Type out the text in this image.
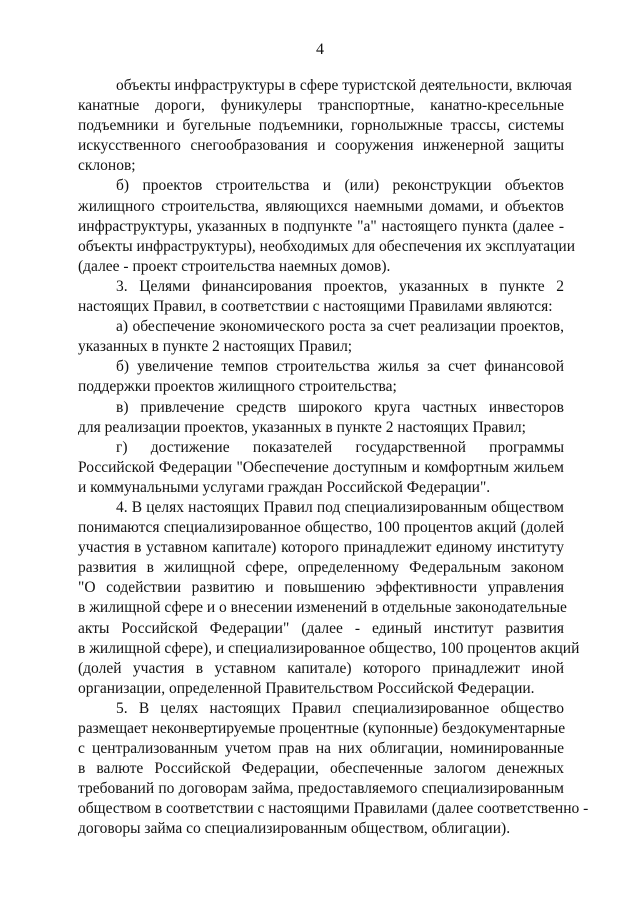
4
объекты инфраструктуры в сфере туристской деятельности, включая
канатные дороги, фуникулеры транспортные, канатно-кресельные
подъемники и бугельные подъемники, горнолыжные трассы, системы
искусственного снегообразования и сооружения инженерной защиты
склонов;
б) проектов строительства и (или) реконструкции объектов
жилищного строительства, являющихся наемными домами, и объектов
инфраструктуры, указанных в подпункте "а" настоящего пункта (далее -
объекты инфраструктуры), необходимых для обеспечения их эксплуатации
(далее - проект строительства наемных домов).
3. Целями финансирования проектов, указанных в пункте 2
настоящих Правил, в соответствии с настоящими Правилами являются:
а) обеспечение экономического роста за счет реализации проектов,
указанных в пункте 2 настоящих Правил;
б) увеличение темпов строительства жилья за счет финансовой
поддержки проектов жилищного строительства;
в) привлечение средств широкого круга частных инвесторов
для реализации проектов, указанных в пункте 2 настоящих Правил;
г) достижение показателей государственной программы
Российской Федерации "Обеспечение доступным и комфортным жильем
и коммунальными услугами граждан Российской Федерации".
4. В целях настоящих Правил под специализированным обществом
понимаются специализированное общество, 100 процентов акций (долей
участия в уставном капитале) которого принадлежит единому институту
развития в жилищной сфере, определенному Федеральным законом
"О содействии развитию и повышению эффективности управления
в жилищной сфере и о внесении изменений в отдельные законодательные
акты Российской Федерации" (далее - единый институт развития
в жилищной сфере), и специализированное общество, 100 процентов акций
(долей участия в уставном капитале) которого принадлежит иной
организации, определенной Правительством Российской Федерации.
5. В целях настоящих Правил специализированное общество
размещает неконвертируемые процентные (купонные) бездокументарные
с централизованным учетом прав на них облигации, номинированные
в валюте Российской Федерации, обеспеченные залогом денежных
требований по договорам займа, предоставляемого специализированным
обществом в соответствии с настоящими Правилами (далее соответственно -
договоры займа со специализированным обществом, облигации).
